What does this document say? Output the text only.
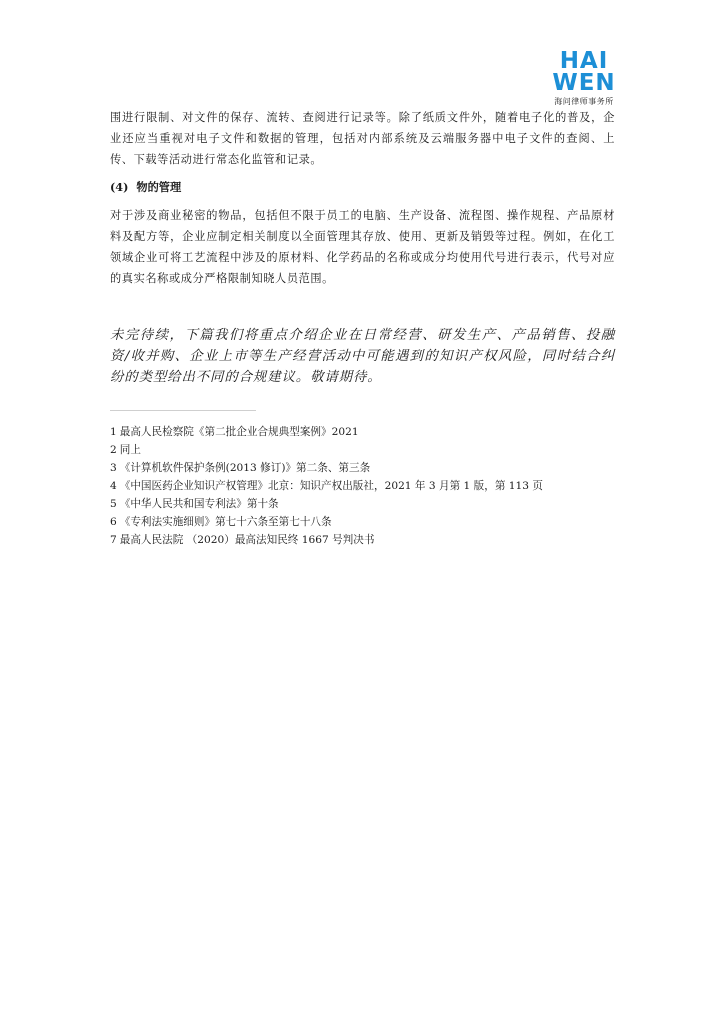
HAI
WEN
海问律师事务所

围进行限制、对文件的保存、流转、查阅进行记录等。除了纸质文件外，随着电子化的普及，企业还应当重视对电子文件和数据的管理，包括对内部系统及云端服务器中电子文件的查阅、上传、下载等活动进行常态化监管和记录。

(4) 物的管理

对于涉及商业秘密的物品，包括但不限于员工的电脑、生产设备、流程图、操作规程、产品原材料及配方等，企业应制定相关制度以全面管理其存放、使用、更新及销毁等过程。例如，在化工领域企业可将工艺流程中涉及的原材料、化学药品的名称或成分均使用代号进行表示，代号对应的真实名称或成分严格限制知晓人员范围。

未完待续，下篇我们将重点介绍企业在日常经营、研发生产、产品销售、投融资/收并购、企业上市等生产经营活动中可能遇到的知识产权风险，同时结合纠纷的类型给出不同的合规建议。敬请期待。

1 最高人民检察院《第二批企业合规典型案例》2021
2 同上
3 《计算机软件保护条例(2013 修订)》第二条、第三条
4 《中国医药企业知识产权管理》北京：知识产权出版社，2021 年 3 月第 1 版，第 113 页
5 《中华人民共和国专利法》第十条
6 《专利法实施细则》第七十六条至第七十八条
7 最高人民法院 （2020）最高法知民终 1667 号判决书
